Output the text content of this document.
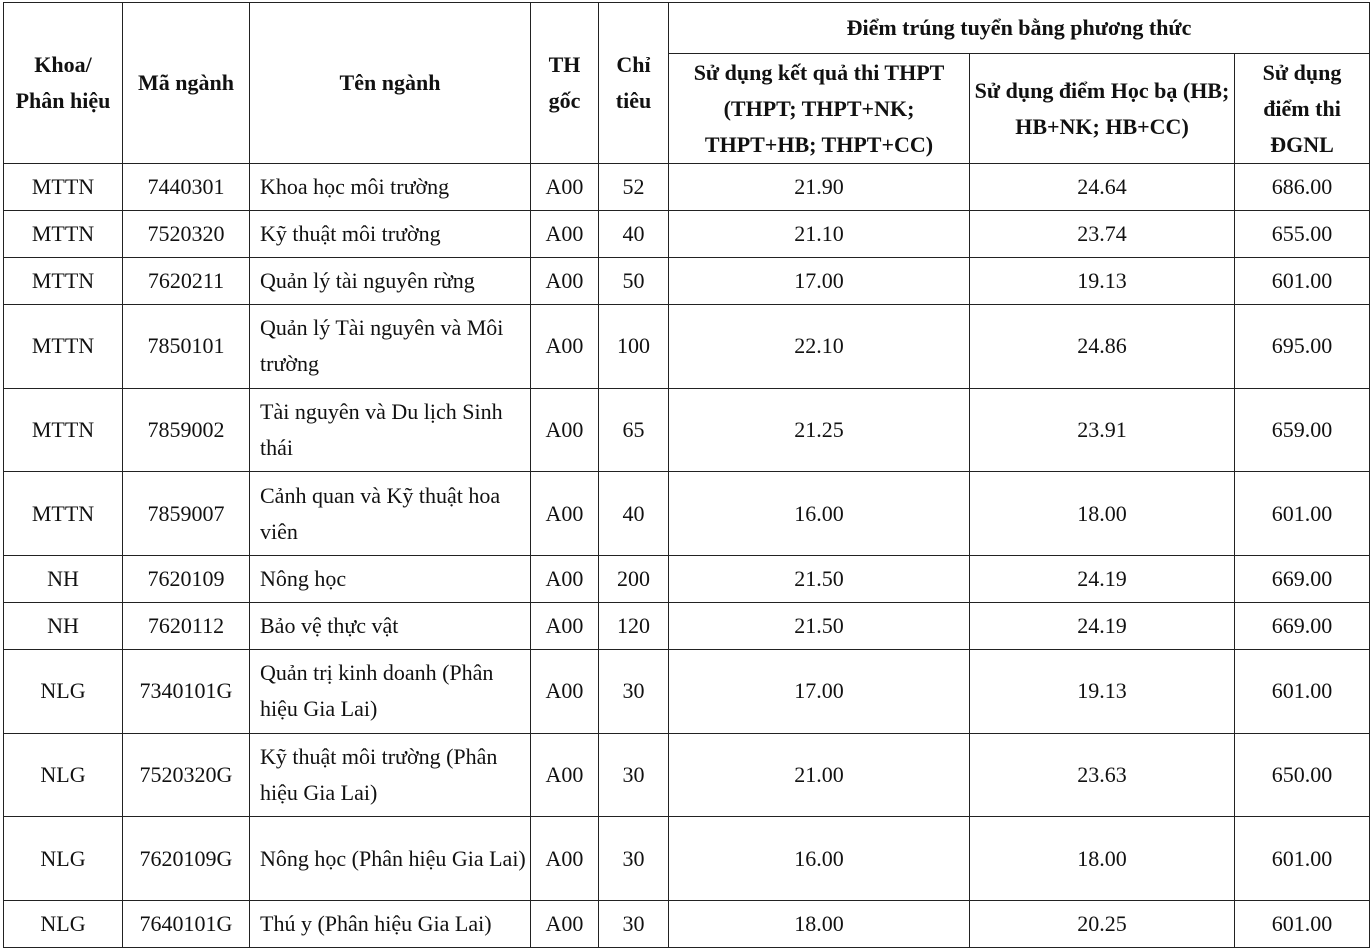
Khoa/ Phân hiệu	Mã ngành	Tên ngành	TH gốc	Chỉ tiêu	Điểm trúng tuyển bằng phương thức		
					Sử dụng kết quả thi THPT (THPT; THPT+NK; THPT+HB; THPT+CC)	Sử dụng điểm Học bạ (HB; HB+NK; HB+CC)	Sử dụng điểm thi ĐGNL
MTTN	7440301	Khoa học môi trường	A00	52	21.90	24.64	686.00
MTTN	7520320	Kỹ thuật môi trường	A00	40	21.10	23.74	655.00
MTTN	7620211	Quản lý tài nguyên rừng	A00	50	17.00	19.13	601.00
MTTN	7850101	Quản lý Tài nguyên và Môi trường	A00	100	22.10	24.86	695.00
MTTN	7859002	Tài nguyên và Du lịch Sinh thái	A00	65	21.25	23.91	659.00
MTTN	7859007	Cảnh quan và Kỹ thuật hoa viên	A00	40	16.00	18.00	601.00
NH	7620109	Nông học	A00	200	21.50	24.19	669.00
NH	7620112	Bảo vệ thực vật	A00	120	21.50	24.19	669.00
NLG	7340101G	Quản trị kinh doanh (Phân hiệu Gia Lai)	A00	30	17.00	19.13	601.00
NLG	7520320G	Kỹ thuật môi trường (Phân hiệu Gia Lai)	A00	30	21.00	23.63	650.00
NLG	7620109G	Nông học (Phân hiệu Gia Lai)	A00	30	16.00	18.00	601.00
NLG	7640101G	Thú y (Phân hiệu Gia Lai)	A00	30	18.00	20.25	601.00
